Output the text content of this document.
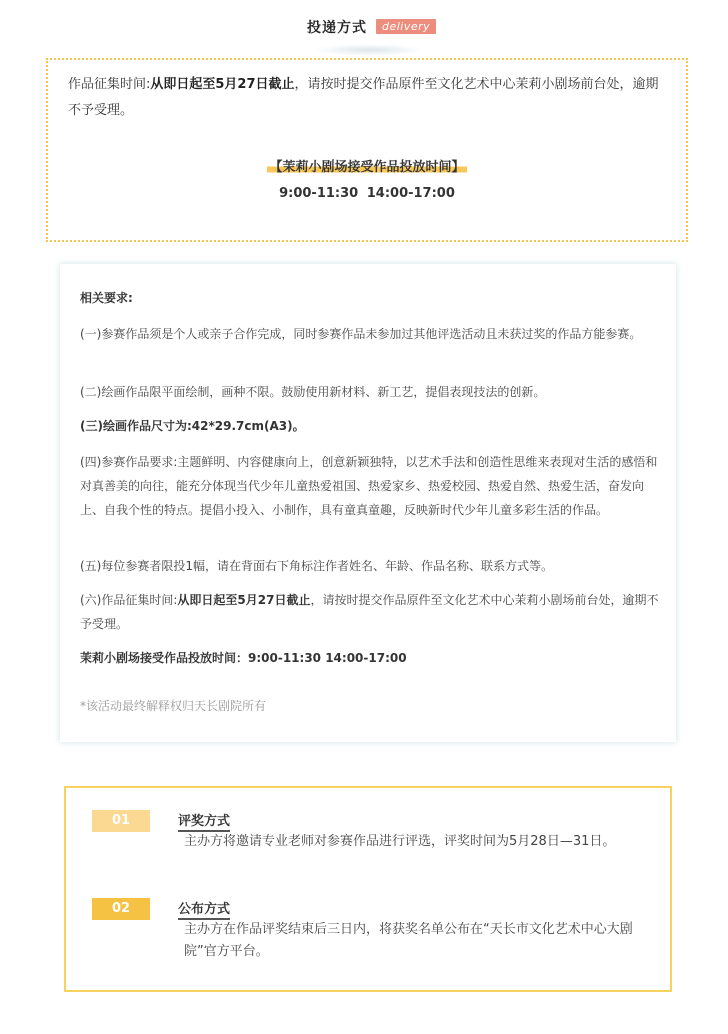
投递方式	delivery
作品征集时间:从即日起至5月27日截止，请按时提交作品原件至文化艺术中心茉莉小剧场前台处，逾期不予受理。
【茉莉小剧场接受作品投放时间】
9:00-11:30 14:00-17:00
相关要求:
(一)参赛作品须是个人或亲子合作完成，同时参赛作品未参加过其他评选活动且未获过奖的作品方能参赛。
(二)绘画作品限平面绘制，画种不限。鼓励使用新材料、新工艺，提倡表现技法的创新。
(三)绘画作品尺寸为:42*29.7cm(A3)。
(四)参赛作品要求:主题鲜明、内容健康向上，创意新颖独特，以艺术手法和创造性思维来表现对生活的感悟和对真善美的向往，能充分体现当代少年儿童热爱祖国、热爱家乡、热爱校园、热爱自然、热爱生活，奋发向上、自我个性的特点。提倡小投入、小制作，具有童真童趣，反映新时代少年儿童多彩生活的作品。
(五)每位参赛者限投1幅，请在背面右下角标注作者姓名、年龄、作品名称、联系方式等。
(六)作品征集时间:从即日起至5月27日截止，请按时提交作品原件至文化艺术中心茉莉小剧场前台处，逾期不予受理。
茉莉小剧场接受作品投放时间：9:00-11:30 14:00-17:00
*该活动最终解释权归天长剧院所有
01	评奖方式
主办方将邀请专业老师对参赛作品进行评选，评奖时间为5月28日—31日。
02	公布方式
主办方在作品评奖结束后三日内，将获奖名单公布在“天长市文化艺术中心大剧院”官方平台。
